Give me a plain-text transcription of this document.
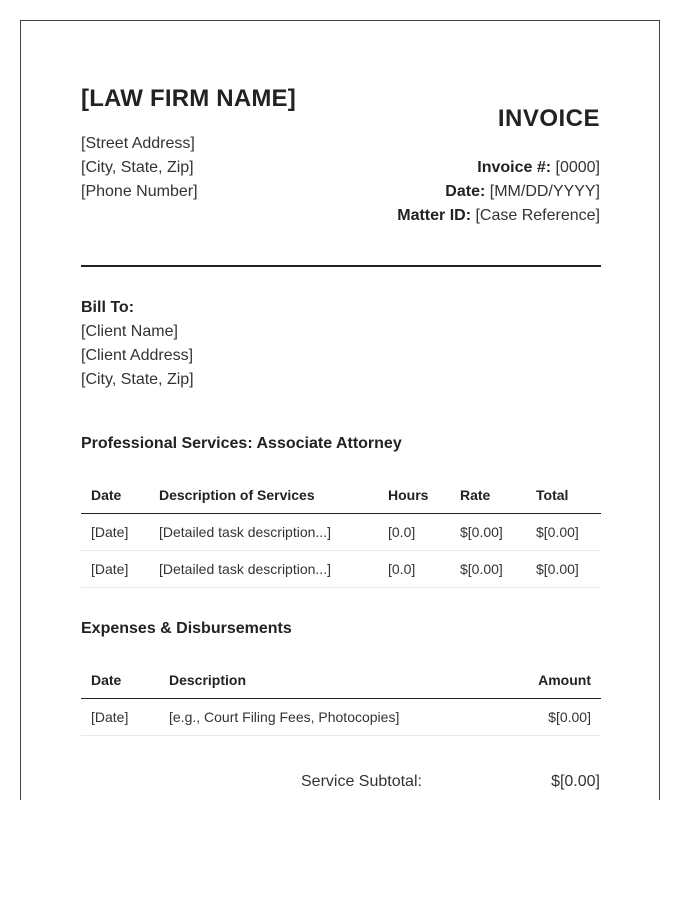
[LAW FIRM NAME]
[Street Address]
[City, State, Zip]
[Phone Number]
INVOICE
Invoice #: [0000]
Date: [MM/DD/YYYY]
Matter ID: [Case Reference]
Bill To:
[Client Name]
[Client Address]
[City, State, Zip]
Professional Services: Associate Attorney
Date	Description of Services	Hours	Rate	Total
[Date]	[Detailed task description...]	[0.0]	$[0.00]	$[0.00]
[Date]	[Detailed task description...]	[0.0]	$[0.00]	$[0.00]
Expenses & Disbursements
Date	Description	Amount
[Date]	[e.g., Court Filing Fees, Photocopies]	$[0.00]
Service Subtotal:	$[0.00]
